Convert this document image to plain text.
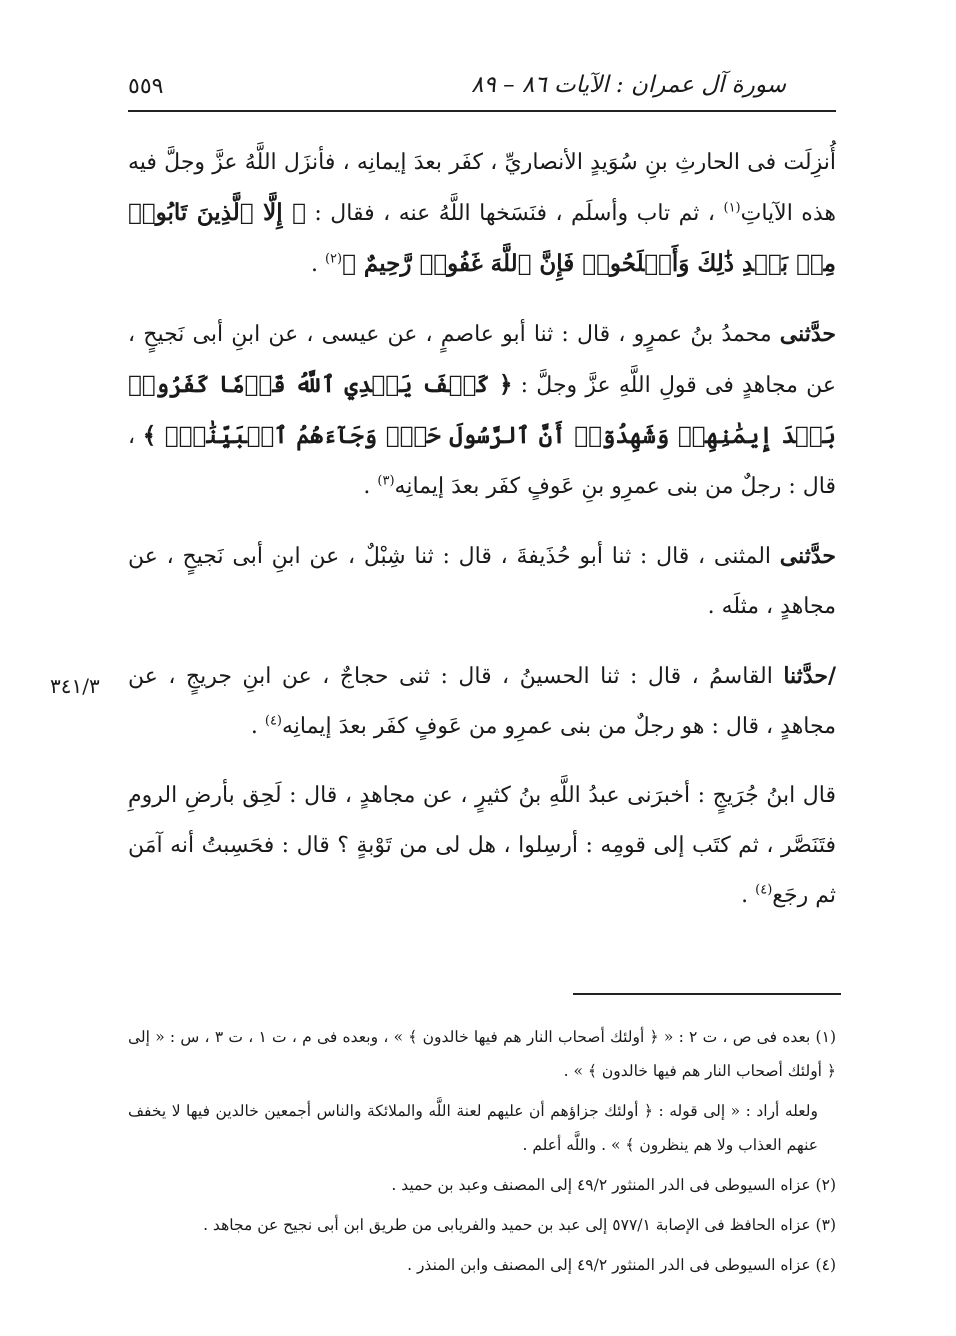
٥٥٩	سورة آل عمران : الآيات ٨٦ – ٨٩
٣٤١/٣

أُنزِلَت فى الحارثِ بنِ سُوَيدٍ الأنصاريِّ ، كفَر بعدَ إيمانِه ، فأنزَل اللَّهُ عزَّ وجلَّ فيه هذه الآياتِ$^{(١)}$ ، ثم تاب وأسلَم ، فنَسَخها اللَّهُ عنه ، فقال : ﴿ إِلَّا ٱلَّذِينَ تَابُوا۟ مِنۢ بَعۡدِ ذَٰلِكَ وَأَصۡلَحُوا۟ فَإِنَّ ٱللَّهَ غَفُورٞ رَّحِيمٌ ﴾$^{(٢)}$ .

حدَّثنى محمدُ بنُ عمرٍو ، قال : ثنا أبو عاصمٍ ، عن عيسى ، عن ابنِ أبى نَجيحٍ ، عن مجاهدٍ فى قولِ اللَّهِ عزَّ وجلَّ : ﴿ كَيۡفَ يَهۡدِي ٱللَّهُ قَوۡمٗا كَفَرُوا۟ بَعۡدَ إِيمَٰنِهِمۡ وَشَهِدُوٓا۟ أَنَّ ٱلرَّسُولَ حَقّٞ وَجَآءَهُمُ ٱلۡبَيِّنَٰتُۚ ﴾ ، قال : رجلٌ من بنى عمرِو بنِ عَوفٍ كفَر بعدَ إيمانِه$^{(٣)}$ .

حدَّثنى المثنى ، قال : ثنا أبو حُذَيفةَ ، قال : ثنا شِبْلٌ ، عن ابنِ أبى نَجيحٍ ، عن مجاهدٍ ، مثلَه .

/حدَّثنا القاسمُ ، قال : ثنا الحسينُ ، قال : ثنى حجاجٌ ، عن ابنِ جريجٍ ، عن مجاهدٍ ، قال : هو رجلٌ من بنى عمرِو من عَوفٍ كفَر بعدَ إيمانِه$^{(٤)}$ .

قال ابنُ جُرَيجٍ : أخبرَنى عبدُ اللَّهِ بنُ كثيرٍ ، عن مجاهدٍ ، قال : لَحِق بأرضِ الرومِ فتَنَصَّر ، ثم كتَب إلى قومِه : أرسِلوا ، هل لى من تَوْبةٍ ؟ قال : فحَسِبتُ أنه آمَن ثم رجَع$^{(٤)}$ .

(١) بعده فى ص ، ت ٢ : « ﴿ أولئك أصحاب النار هم فيها خالدون ﴾ » ، وبعده فى م ، ت ١ ، ت ٣ ، س : « إلى ﴿ أولئك أصحاب النار هم فيها خالدون ﴾ » .

ولعله أراد : « إلى قوله : ﴿ أولئك جزاؤهم أن عليهم لعنة اللَّه والملائكة والناس أجمعين خالدين فيها لا يخفف عنهم العذاب ولا هم ينظرون ﴾ » . واللَّه أعلم .

(٢) عزاه السيوطى فى الدر المنثور ٤٩/٢ إلى المصنف وعبد بن حميد .

(٣) عزاه الحافظ فى الإصابة ٥٧٧/١ إلى عبد بن حميد والفريابى من طريق ابن أبى نجيح عن مجاهد .

(٤) عزاه السيوطى فى الدر المنثور ٤٩/٢ إلى المصنف وابن المنذر .
